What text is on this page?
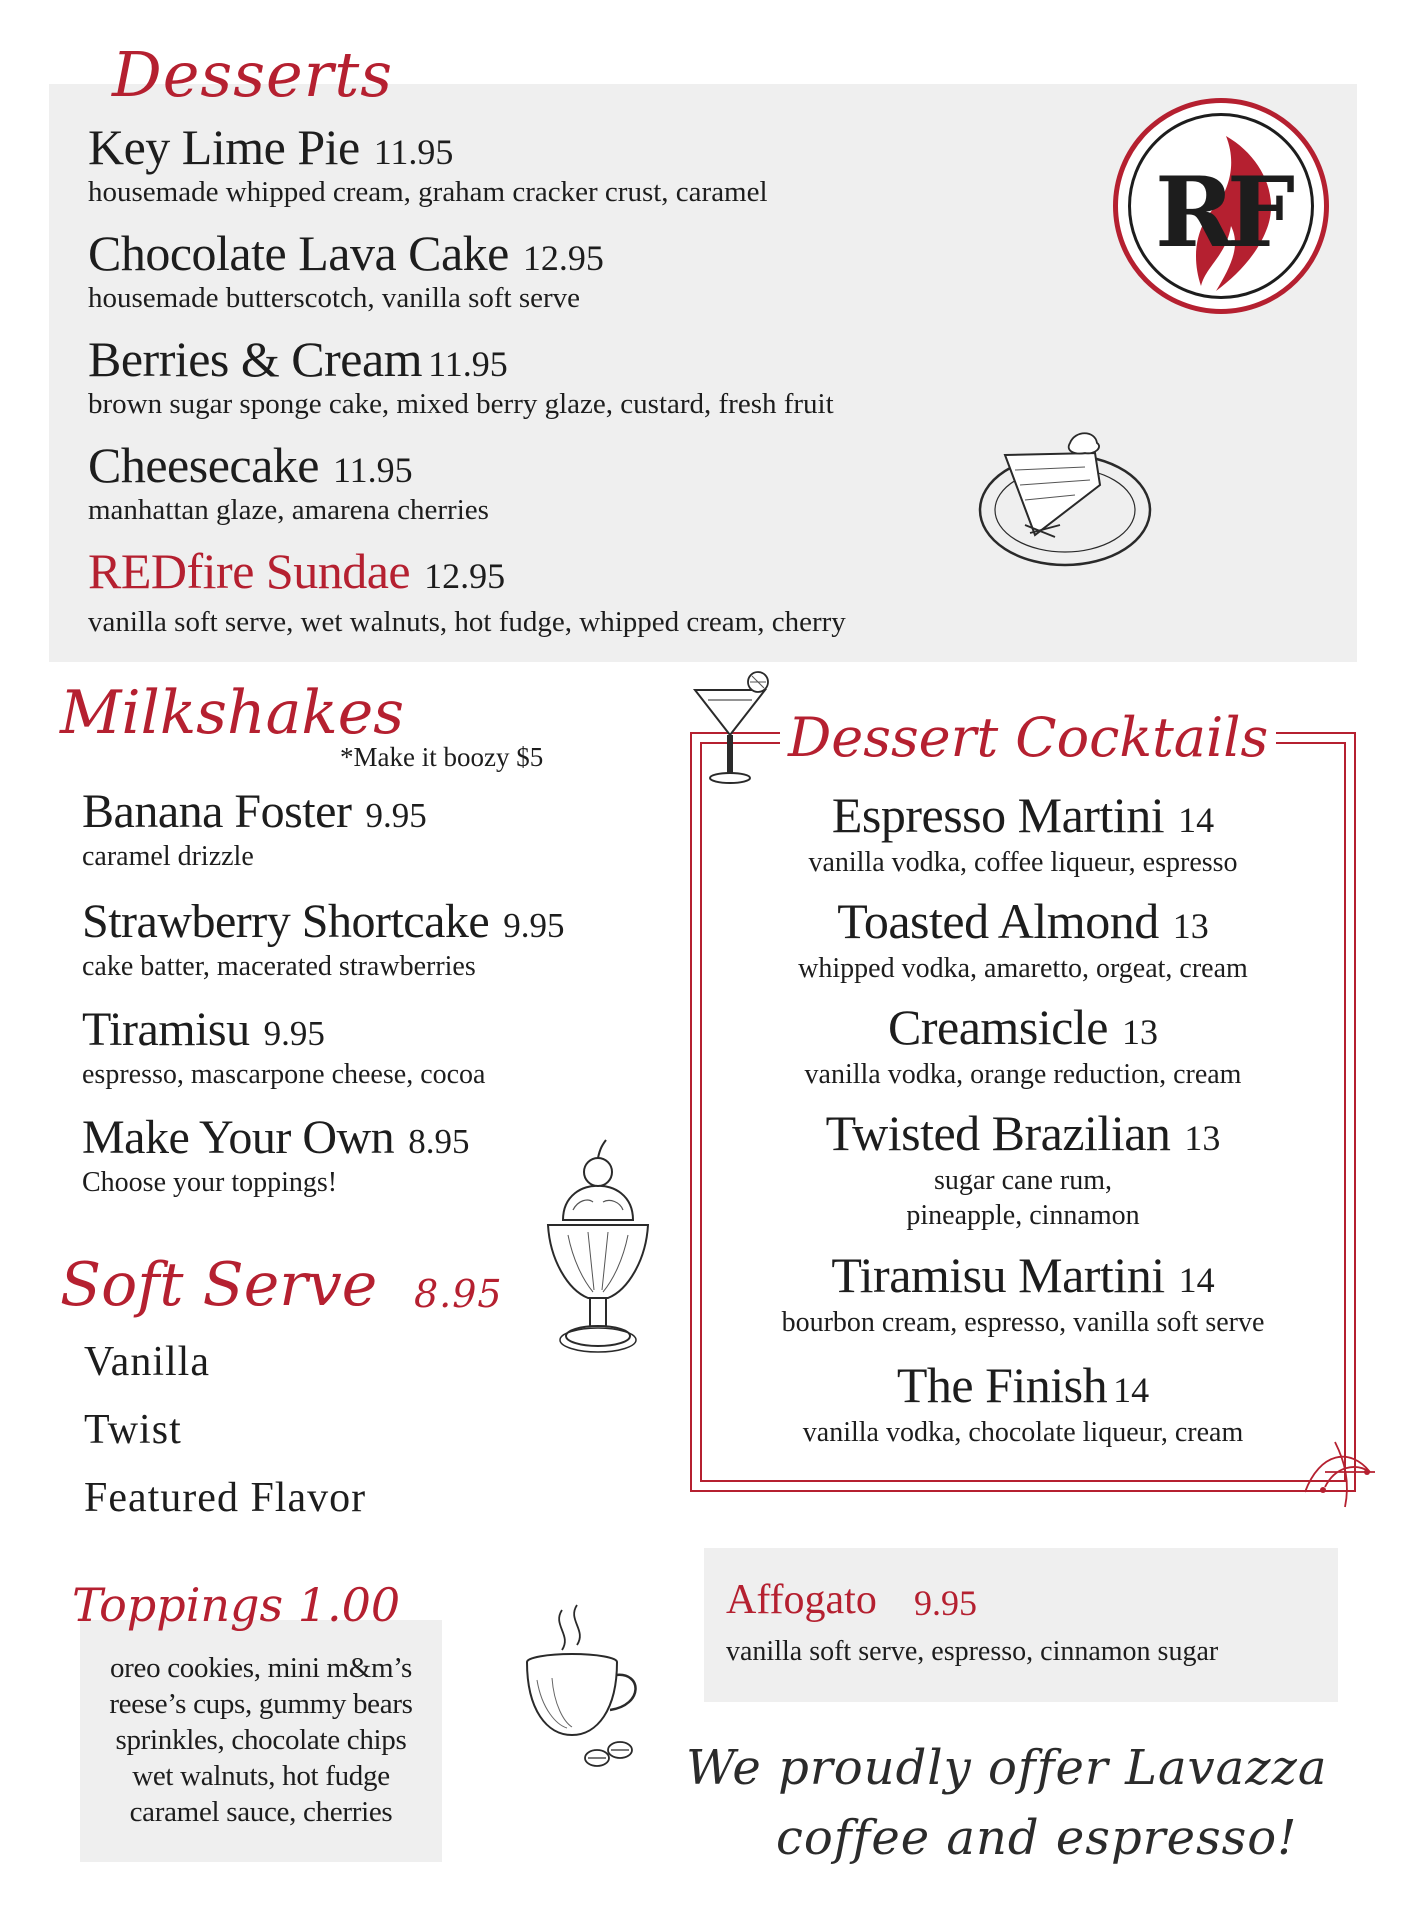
Desserts
Key Lime Pie 11.95
housemade whipped cream, graham cracker crust, caramel
Chocolate Lava Cake 12.95
housemade butterscotch, vanilla soft serve
Berries & Cream 11.95
brown sugar sponge cake, mixed berry glaze, custard, fresh fruit
Cheesecake 11.95
manhattan glaze, amarena cherries
REDfire Sundae 12.95
vanilla soft serve, wet walnuts, hot fudge, whipped cream, cherry
RF
Milkshakes
*Make it boozy $5
Banana Foster 9.95
caramel drizzle
Strawberry Shortcake 9.95
cake batter, macerated strawberries
Tiramisu 9.95
espresso, mascarpone cheese, cocoa
Make Your Own 8.95
Choose your toppings!
Soft Serve 8.95
Vanilla
Twist
Featured Flavor
Toppings 1.00
oreo cookies, mini m&m’s
reese’s cups, gummy bears
sprinkles, chocolate chips
wet walnuts, hot fudge
caramel sauce, cherries
Dessert Cocktails
Espresso Martini 14
vanilla vodka, coffee liqueur, espresso
Toasted Almond 13
whipped vodka, amaretto, orgeat, cream
Creamsicle 13
vanilla vodka, orange reduction, cream
Twisted Brazilian 13
sugar cane rum,
pineapple, cinnamon
Tiramisu Martini 14
bourbon cream, espresso, vanilla soft serve
The Finish 14
vanilla vodka, chocolate liqueur, cream
Affogato 9.95
vanilla soft serve, espresso, cinnamon sugar
We proudly offer Lavazza
coffee and espresso!
